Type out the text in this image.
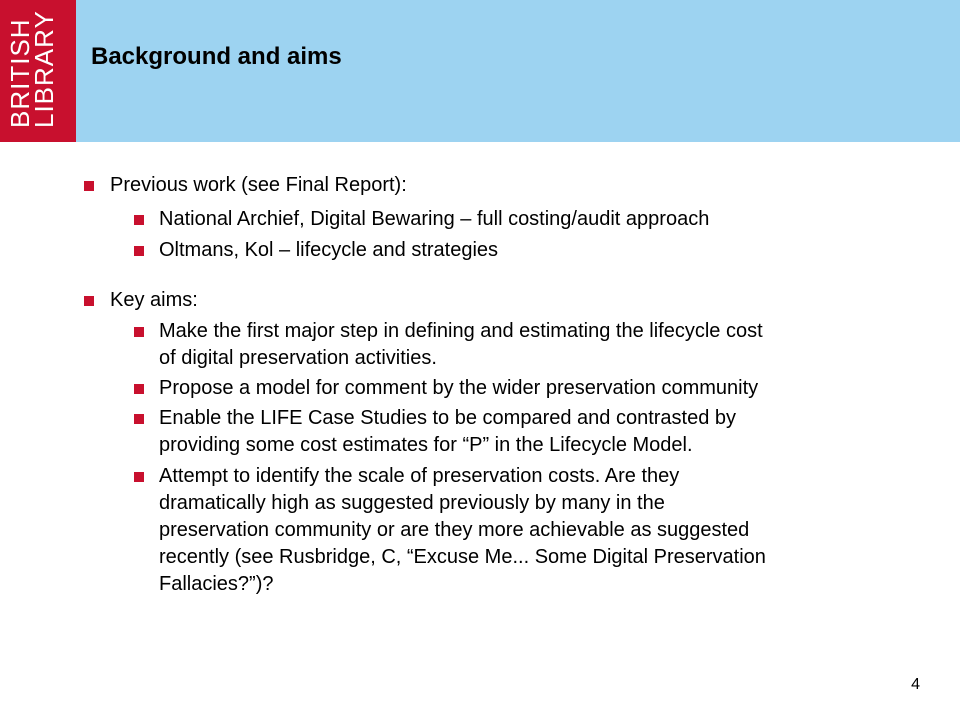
BRITISH
LIBRARY Background and aims
Previous work (see Final Report):
National Archief, Digital Bewaring – full costing/audit approach
Oltmans, Kol – lifecycle and strategies
Key aims:
Make the first major step in defining and estimating the lifecycle cost
of digital preservation activities.
Propose a model for comment by the wider preservation community
Enable the LIFE Case Studies to be compared and contrasted by
providing some cost estimates for “P” in the Lifecycle Model.
Attempt to identify the scale of preservation costs. Are they
dramatically high as suggested previously by many in the
preservation community or are they more achievable as suggested
recently (see Rusbridge, C, “Excuse Me... Some Digital Preservation
Fallacies?”)?
4
